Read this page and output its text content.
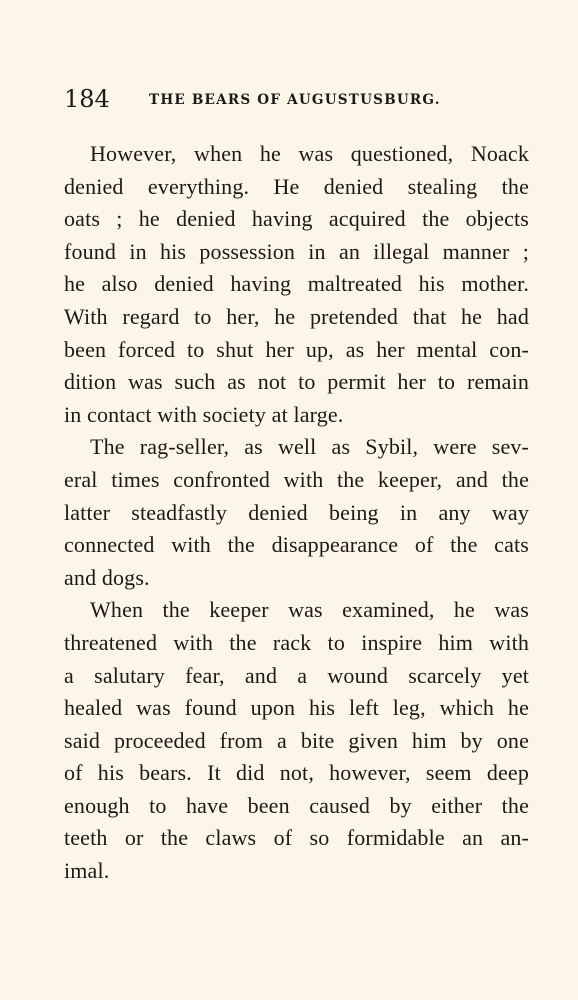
184	THE BEARS OF AUGUSTUSBURG.
However, when he was questioned, Noack
denied everything. He denied stealing the
oats ; he denied having acquired the objects
found in his possession in an illegal manner ;
he also denied having maltreated his mother.
With regard to her, he pretended that he had
been forced to shut her up, as her mental con-
dition was such as not to permit her to remain
in contact with society at large.
The rag-seller, as well as Sybil, were sev-
eral times confronted with the keeper, and the
latter steadfastly denied being in any way
connected with the disappearance of the cats
and dogs.
When the keeper was examined, he was
threatened with the rack to inspire him with
a salutary fear, and a wound scarcely yet
healed was found upon his left leg, which he
said proceeded from a bite given him by one
of his bears. It did not, however, seem deep
enough to have been caused by either the
teeth or the claws of so formidable an an-
imal.
